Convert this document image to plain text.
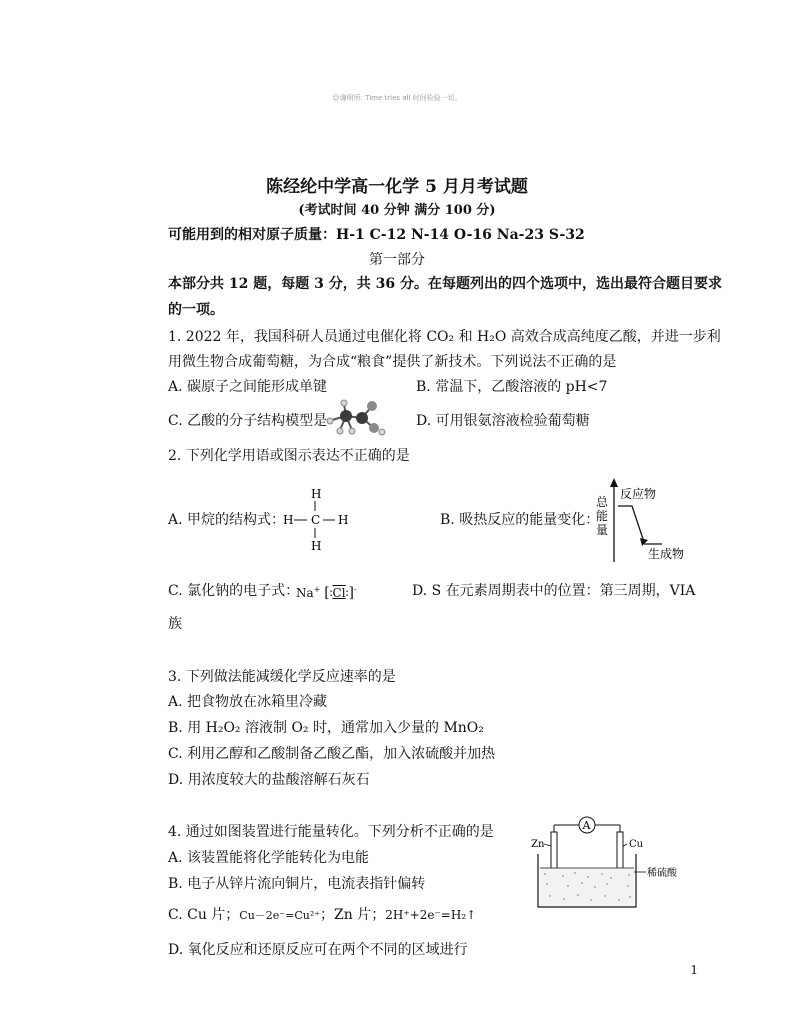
☺谦明所: Time tries all 时间检验一切。
陈经纶中学高一化学 5 月月考试题
(考试时间 40 分钟 满分 100 分)
可能用到的相对原子质量：H-1 C-12 N-14 O-16 Na-23 S-32
第一部分
本部分共 12 题，每题 3 分，共 36 分。在每题列出的四个选项中，选出最符合题目要求
的一项。
1. 2022 年，我国科研人员通过电催化将 CO₂ 和 H₂O 高效合成高纯度乙酸，并进一步利
用微生物合成葡萄糖，为合成“粮食”提供了新技术。下列说法不正确的是
A. 碳原子之间能形成单键	B. 常温下，乙酸溶液的 pH<7
C. 乙酸的分子结构模型是	D. 可用银氨溶液检验葡萄糖
2. 下列化学用语或图示表达不正确的是
A. 甲烷的结构式：
H
H C H
H
B. 吸热反应的能量变化：
总
能
量
反应物
生成物
C. 氯化钠的电子式：
Na+ [∶Cl∶]-	D. S 在元素周期表中的位置：第三周期，VIA
族
3. 下列做法能减缓化学反应速率的是
A. 把食物放在冰箱里冷藏
B. 用 H₂O₂ 溶液制 O₂ 时，通常加入少量的 MnO₂
C. 利用乙醇和乙酸制备乙酸乙酯，加入浓硫酸并加热
D. 用浓度较大的盐酸溶解石灰石
4. 通过如图装置进行能量转化。下列分析不正确的是
A. 该装置能将化学能转化为电能
B. 电子从锌片流向铜片，电流表指针偏转
C. Cu 片；Cu－2e⁻=Cu²⁺；Zn 片；2H⁺+2e⁻=H₂↑
D. 氧化反应和还原反应可在两个不同的区域进行
A
Zn	Cu
稀硫酸
1
